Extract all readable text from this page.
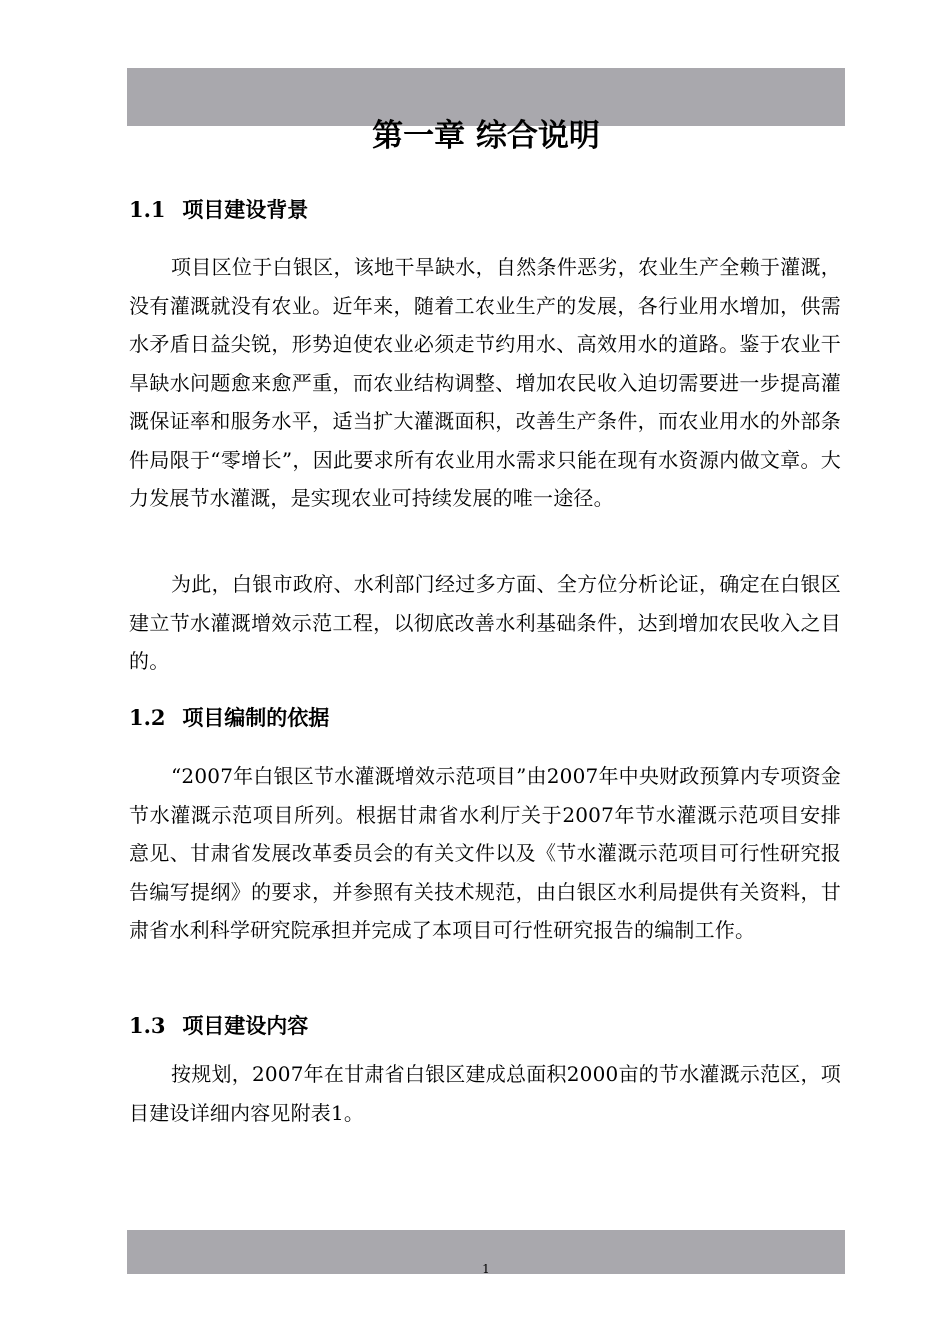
第一章 综合说明
1.1 项目建设背景

项目区位于白银区，该地干旱缺水，自然条件恶劣，农业生产全赖于灌溉，没有灌溉就没有农业。近年来，随着工农业生产的发展，各行业用水增加，供需水矛盾日益尖锐，形势迫使农业必须走节约用水、高效用水的道路。鉴于农业干旱缺水问题愈来愈严重，而农业结构调整、增加农民收入迫切需要进一步提高灌溉保证率和服务水平，适当扩大灌溉面积，改善生产条件，而农业用水的外部条件局限于“零增长”，因此要求所有农业用水需求只能在现有水资源内做文章。大力发展节水灌溉，是实现农业可持续发展的唯一途径。

为此，白银市政府、水利部门经过多方面、全方位分析论证，确定在白银区建立节水灌溉增效示范工程，以彻底改善水利基础条件，达到增加农民收入之目的。

1.2 项目编制的依据

“2007年白银区节水灌溉增效示范项目”由2007年中央财政预算内专项资金节水灌溉示范项目所列。根据甘肃省水利厅关于2007年节水灌溉示范项目安排意见、甘肃省发展改革委员会的有关文件以及《节水灌溉示范项目可行性研究报告编写提纲》的要求，并参照有关技术规范，由白银区水利局提供有关资料，甘肃省水利科学研究院承担并完成了本项目可行性研究报告的编制工作。

1.3 项目建设内容

按规划，2007年在甘肃省白银区建成总面积2000亩的节水灌溉示范区，项目建设详细内容见附表1。

1
